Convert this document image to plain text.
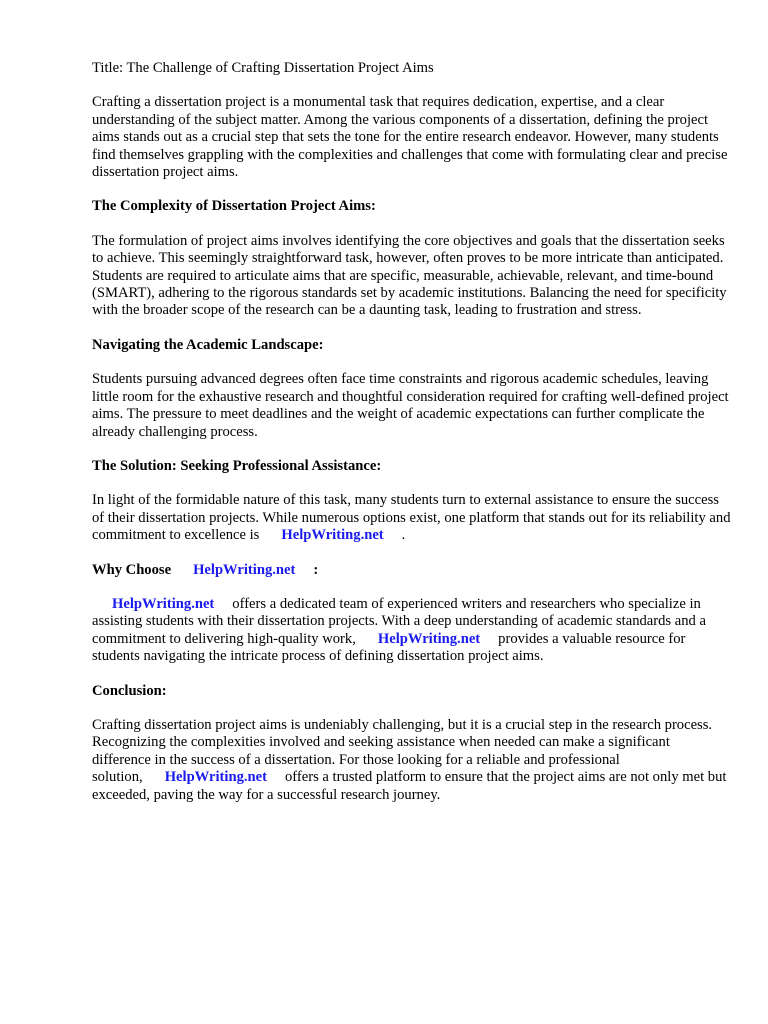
Title: The Challenge of Crafting Dissertation Project Aims

Crafting a dissertation project is a monumental task that requires dedication, expertise, and a clear understanding of the subject matter. Among the various components of a dissertation, defining the project aims stands out as a crucial step that sets the tone for the entire research endeavor. However, many students find themselves grappling with the complexities and challenges that come with formulating clear and precise dissertation project aims.

The Complexity of Dissertation Project Aims:

The formulation of project aims involves identifying the core objectives and goals that the dissertation seeks to achieve. This seemingly straightforward task, however, often proves to be more intricate than anticipated. Students are required to articulate aims that are specific, measurable, achievable, relevant, and time-bound (SMART), adhering to the rigorous standards set by academic institutions. Balancing the need for specificity with the broader scope of the research can be a daunting task, leading to frustration and stress.

Navigating the Academic Landscape:

Students pursuing advanced degrees often face time constraints and rigorous academic schedules, leaving little room for the exhaustive research and thoughtful consideration required for crafting well-defined project aims. The pressure to meet deadlines and the weight of academic expectations can further complicate the already challenging process.

The Solution: Seeking Professional Assistance:

In light of the formidable nature of this task, many students turn to external assistance to ensure the success of their dissertation projects. While numerous options exist, one platform that stands out for its reliability and commitment to excellence is HelpWriting.net .

Why Choose HelpWriting.net :

HelpWriting.net offers a dedicated team of experienced writers and researchers who specialize in assisting students with their dissertation projects. With a deep understanding of academic standards and a commitment to delivering high-quality work, HelpWriting.net provides a valuable resource for students navigating the intricate process of defining dissertation project aims.

Conclusion:

Crafting dissertation project aims is undeniably challenging, but it is a crucial step in the research process. Recognizing the complexities involved and seeking assistance when needed can make a significant difference in the success of a dissertation. For those looking for a reliable and professional solution, HelpWriting.net offers a trusted platform to ensure that the project aims are not only met but exceeded, paving the way for a successful research journey.
